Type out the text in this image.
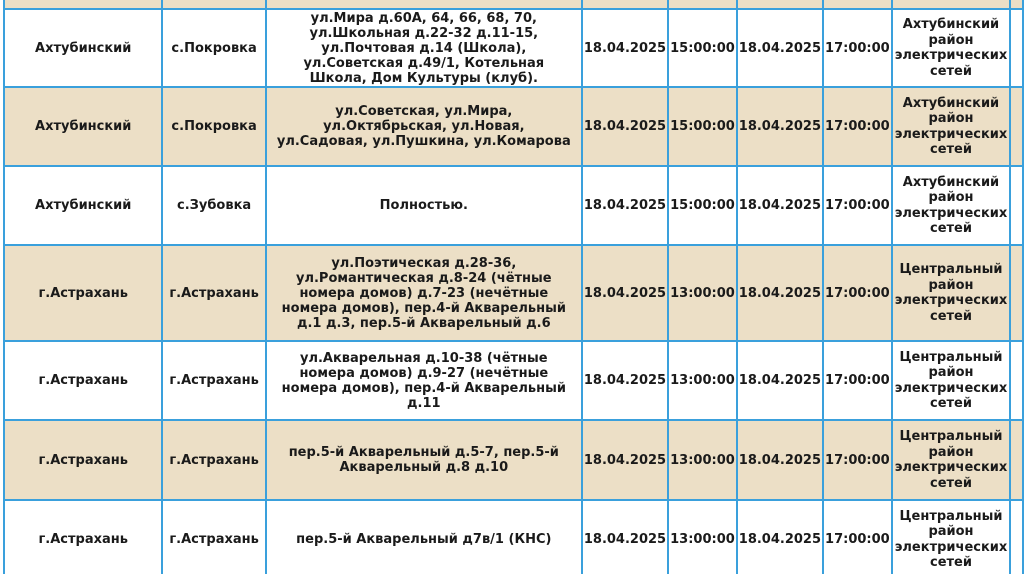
Ахтубинский	с.Покровка	ул.Мира д.60А, 64, 66, 68, 70, ул.Школьная д.22-32 д.11-15, ул.Почтовая д.14 (Школа), ул.Советская д.49/1, Котельная Школа, Дом Культуры (клуб).	18.04.2025	15:00:00	18.04.2025	17:00:00	Ахтубинский район электрических сетей	
Ахтубинский	с.Покровка	ул.Советская, ул.Мира, ул.Октябрьская, ул.Новая, ул.Садовая, ул.Пушкина, ул.Комарова	18.04.2025	15:00:00	18.04.2025	17:00:00	Ахтубинский район электрических сетей	
Ахтубинский	с.Зубовка	Полностью.	18.04.2025	15:00:00	18.04.2025	17:00:00	Ахтубинский район электрических сетей	
г.Астрахань	г.Астрахань	ул.Поэтическая д.28-36, ул.Романтическая д.8-24 (чётные номера домов) д.7-23 (нечётные номера домов), пер.4-й Акварельный д.1 д.3, пер.5-й Акварельный д.6	18.04.2025	13:00:00	18.04.2025	17:00:00	Центральный район электрических сетей	
г.Астрахань	г.Астрахань	ул.Акварельная д.10-38 (чётные номера домов) д.9-27 (нечётные номера домов), пер.4-й Акварельный д.11	18.04.2025	13:00:00	18.04.2025	17:00:00	Центральный район электрических сетей	
г.Астрахань	г.Астрахань	пер.5-й Акварельный д.5-7, пер.5-й Акварельный д.8 д.10	18.04.2025	13:00:00	18.04.2025	17:00:00	Центральный район электрических сетей	
г.Астрахань	г.Астрахань	пер.5-й Акварельный д7в/1 (КНС)	18.04.2025	13:00:00	18.04.2025	17:00:00	Центральный район электрических сетей	
